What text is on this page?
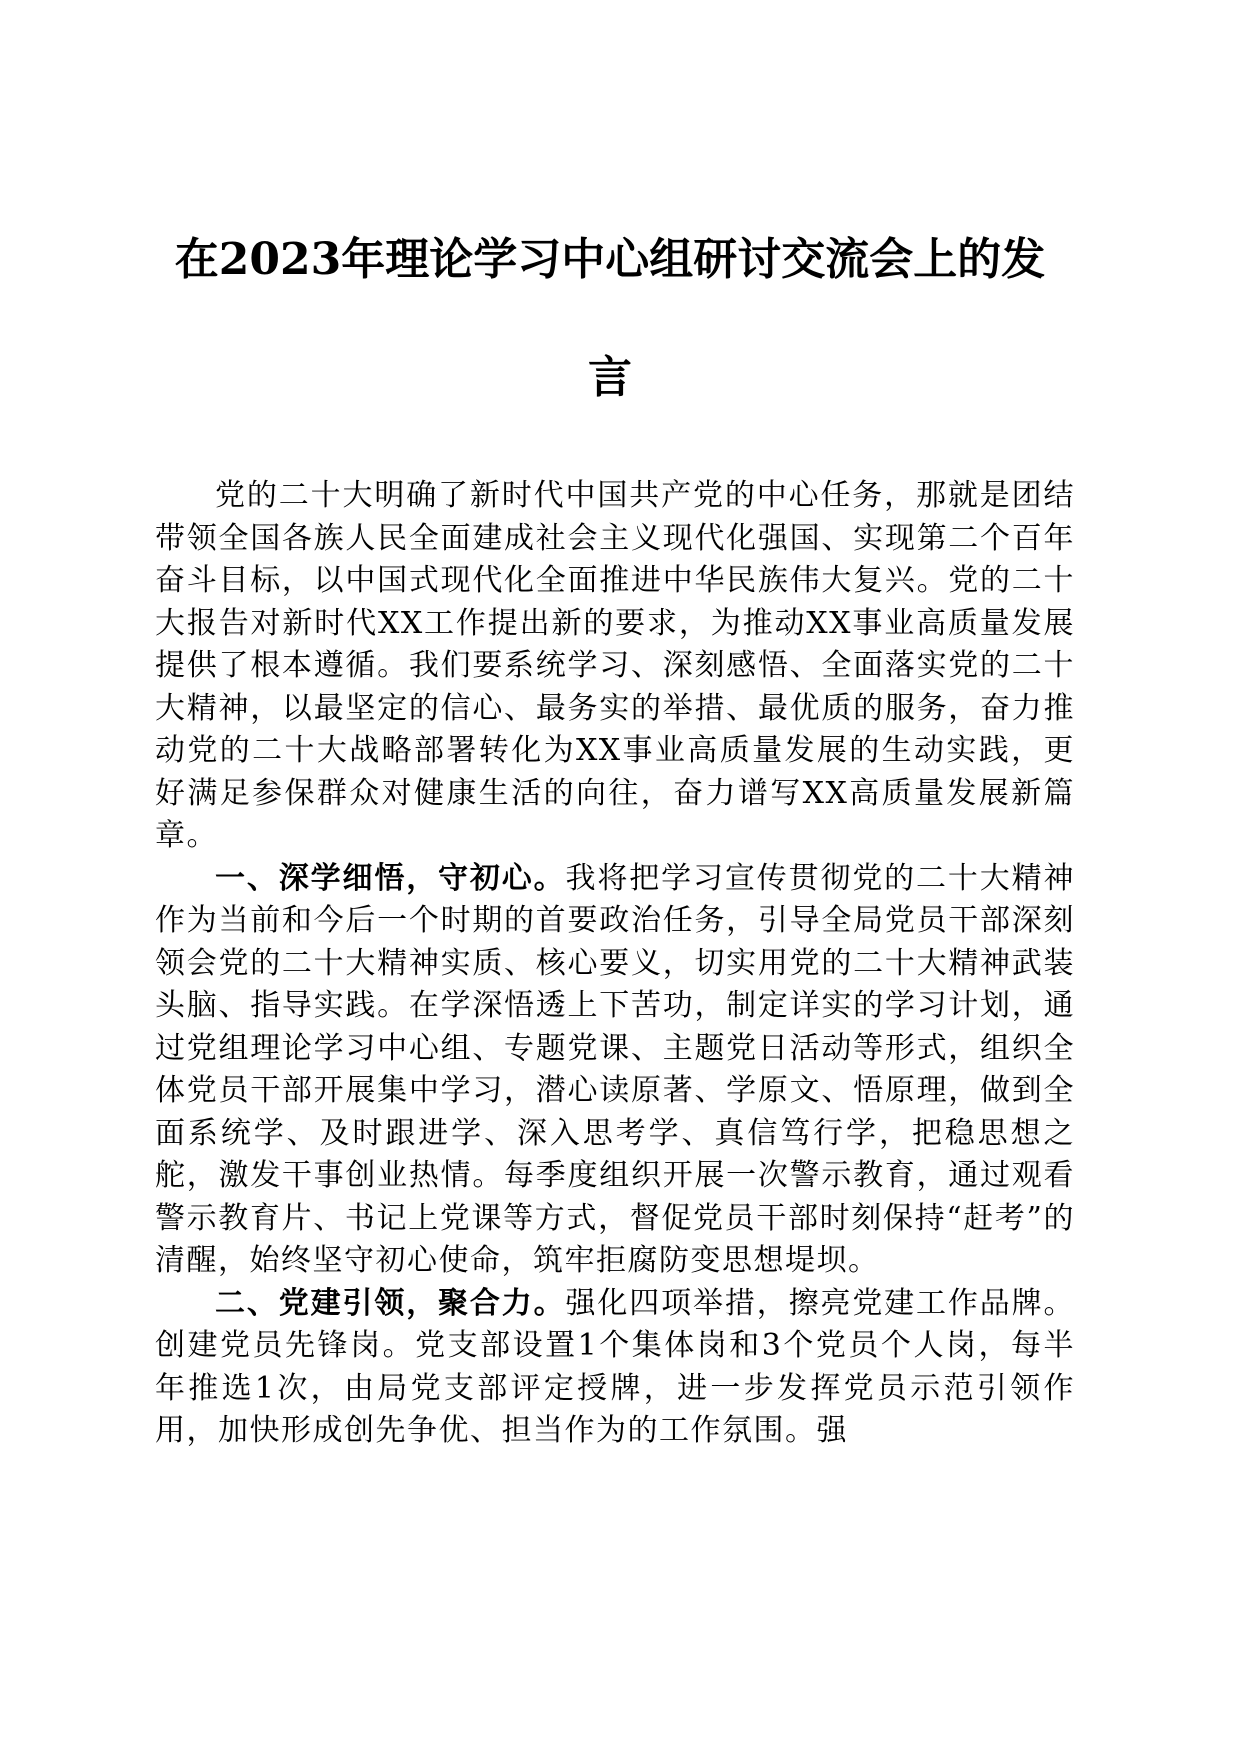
在2023年理论学习中心组研讨交流会上的发
言

党的二十大明确了新时代中国共产党的中心任务，那就是团结带领全国各族人民全面建成社会主义现代化强国、实现第二个百年奋斗目标，以中国式现代化全面推进中华民族伟大复兴。党的二十大报告对新时代XX工作提出新的要求，为推动XX事业高质量发展提供了根本遵循。我们要系统学习、深刻感悟、全面落实党的二十大精神，以最坚定的信心、最务实的举措、最优质的服务，奋力推动党的二十大战略部署转化为XX事业高质量发展的生动实践，更好满足参保群众对健康生活的向往，奋力谱写XX高质量发展新篇章。

一、深学细悟，守初心。我将把学习宣传贯彻党的二十大精神作为当前和今后一个时期的首要政治任务，引导全局党员干部深刻领会党的二十大精神实质、核心要义，切实用党的二十大精神武装头脑、指导实践。在学深悟透上下苦功，制定详实的学习计划，通过党组理论学习中心组、专题党课、主题党日活动等形式，组织全体党员干部开展集中学习，潜心读原著、学原文、悟原理，做到全面系统学、及时跟进学、深入思考学、真信笃行学，把稳思想之舵，激发干事创业热情。每季度组织开展一次警示教育，通过观看警示教育片、书记上党课等方式，督促党员干部时刻保持“赶考”的清醒，始终坚守初心使命，筑牢拒腐防变思想堤坝。

二、党建引领，聚合力。强化四项举措，擦亮党建工作品牌。创建党员先锋岗。党支部设置1个集体岗和3个党员个人岗，每半年推选1次，由局党支部评定授牌，进一步发挥党员示范引领作用，加快形成创先争优、担当作为的工作氛围。强
